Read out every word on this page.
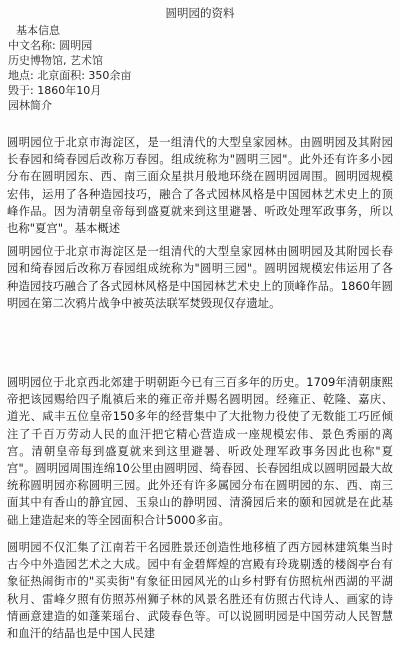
圆明园的资料
基本信息
中文名称: 圆明园
历史博物馆, 艺术馆
地点: 北京面积: 350余亩
毁于: 1860年10月
园林简介

圆明园位于北京市海淀区，是一组清代的大型皇家园林。由圆明园及其附园长春园和绮春园后改称万春园。组成统称为"圆明三园"。此外还有许多小园分布在圆明园东、西、南三面众星拱月般地环绕在圆明园周围。圆明园规模宏伟，运用了各种造园技巧，融合了各式园林风格是中国园林艺术史上的顶峰作品。因为清朝皇帝每到盛夏就来到这里避暑、听政处理军政事务，所以也称"夏宫"。基本概述

圆明园位于北京市海淀区是一组清代的大型皇家园林由圆明园及其附园长春园和绮春园后改称万春园组成统称为"圆明三园"。圆明园规模宏伟运用了各种造园技巧融合了各式园林风格是中国园林艺术史上的顶峰作品。1860年圆明园在第二次鸦片战争中被英法联军焚毁现仅存遗址。

圆明园位于北京西北郊建于明朝距今已有三百多年的历史。1709年清朝康熙帝把该园赐给四子胤禛后来的雍正帝并赐名圆明园。经雍正、乾隆、嘉庆、道光、咸丰五位皇帝150多年的经营集中了大批物力役使了无数能工巧匠倾注了千百万劳动人民的血汗把它精心营造成一座规模宏伟、景色秀丽的离宫。清朝皇帝每到盛夏就来到这里避暑、听政处理军政事务因此也称"夏宫"。圆明园周围连绵10公里由圆明园、绮春园、长春园组成以圆明园最大故统称圆明园亦称圆明三园。此外还有许多属园分布在圆明园的东、西、南三面其中有香山的静宜园、玉泉山的静明园、清漪园后来的颐和园就是在此基础上建造起来的等全园面积合计5000多亩。

圆明园不仅汇集了江南若干名园胜景还创造性地移植了西方园林建筑集当时古今中外造园艺术之大成。园中有金碧辉煌的宫殿有玲珑剔透的楼阁亭台有象征热闹街市的"买卖街"有象征田园风光的山乡村野有仿照杭州西湖的平湖秋月、雷峰夕照有仿照苏州狮子林的风景名胜还有仿照古代诗人、画家的诗情画意建造的如蓬莱瑶台、武陵春色等。可以说圆明园是中国劳动人民智慧和血汗的结晶也是中国人民建
